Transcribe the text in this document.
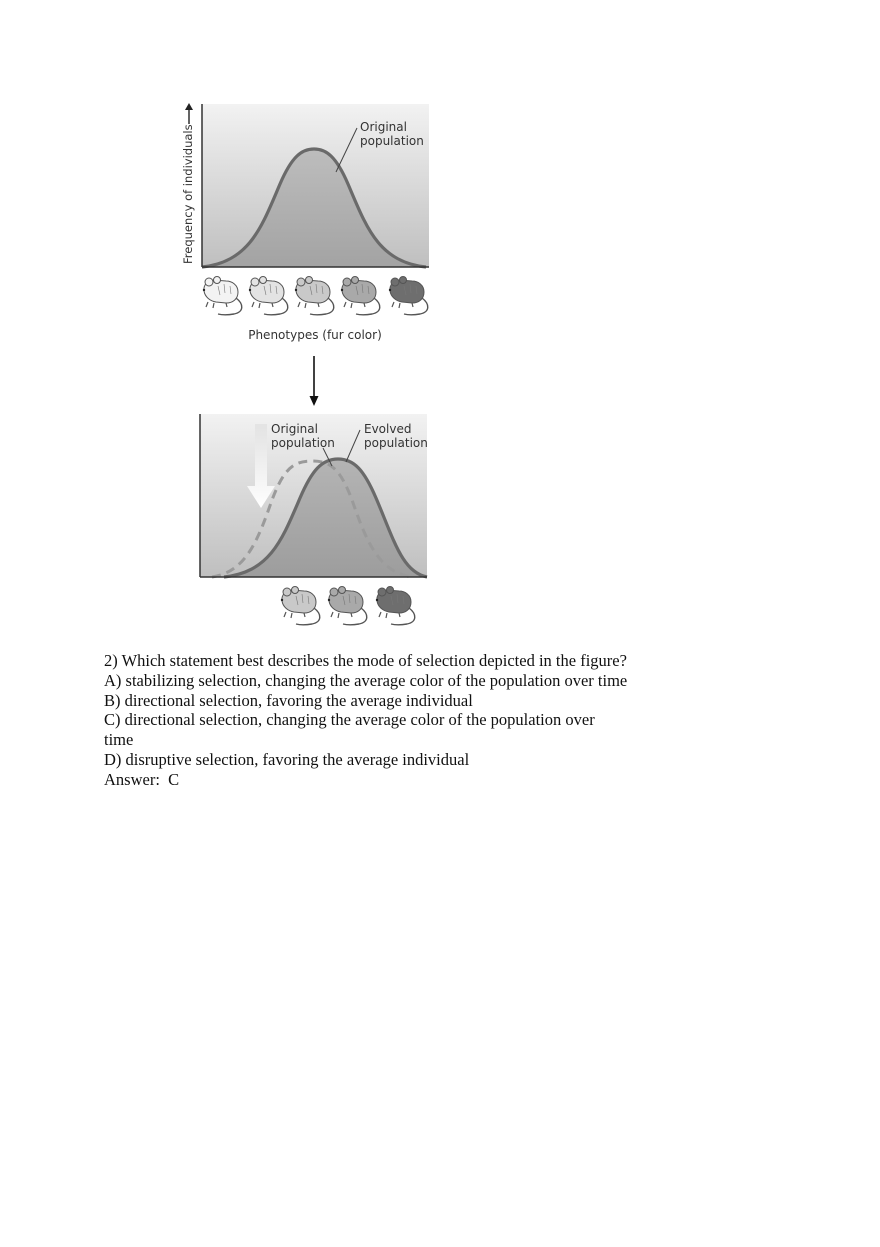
Frequency of individuals	Original
population
Phenotypes (fur color)
Original
population
Evolved
population

2) Which statement best describes the mode of selection depicted in the figure?

A) stabilizing selection, changing the average color of the population over time

B) directional selection, favoring the average individual

C) directional selection, changing the average color of the population over

time

D) disruptive selection, favoring the average individual

Answer:  C
